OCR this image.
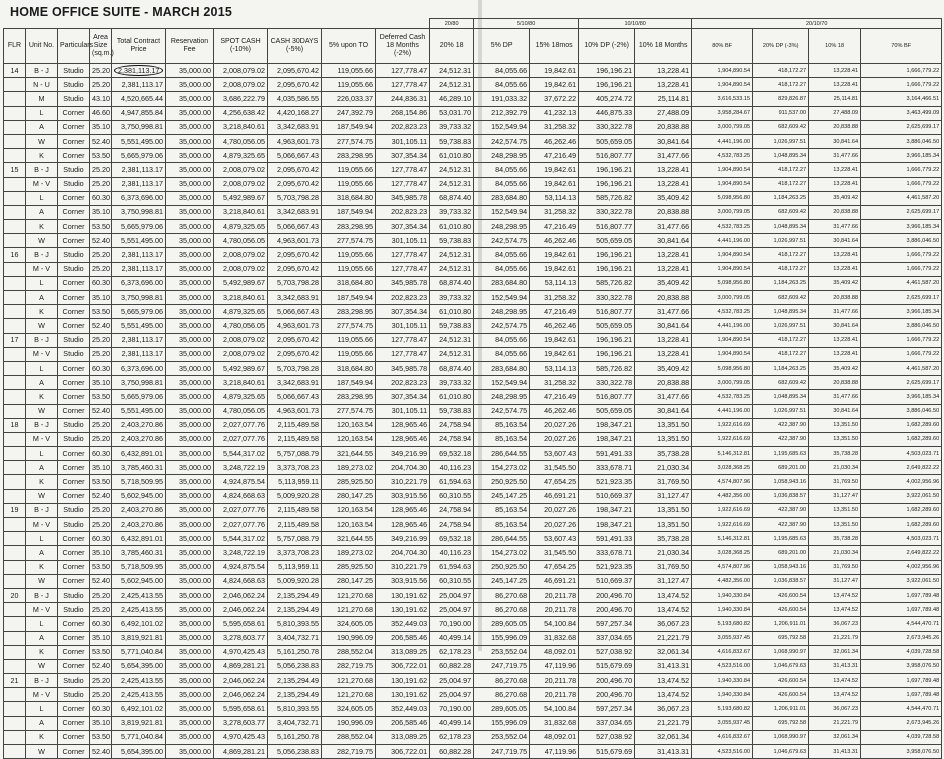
HOME OFFICE SUITE - MARCH 2015
										20/80	5/10/80		10/10/80		20/10/70			
FLR	Unit No.	Particulars	Area Size (sq.m.)	Total Contract Price	Reservation Fee	SPOT CASH (-10%)	CASH 30DAYS (-5%)	5% upon TO	Deferred Cash 18 Months (-2%)	20% 18	5% DP	15% 18mos	10% DP (-2%)	10% 18 Months	80% BF	20% DP (-3%)	10% 18	70% BF
14	B - J	Studio	25.20	2,381,113.17	35,000.00	2,008,079.02	2,095,670.42	119,055.66	127,778.47	24,512.31	84,055.66	19,842.61	196,196.21	13,228.41	1,904,890.54	418,172.27	13,228.41	1,666,779.22
	N - U	Studio	25.20	2,381,113.17	35,000.00	2,008,079.02	2,095,670.42	119,055.66	127,778.47	24,512.31	84,055.66	19,842.61	196,196.21	13,228.41	1,904,890.54	418,172.27	13,228.41	1,666,779.22
	M	Studio	43.10	4,520,665.44	35,000.00	3,686,222.79	4,035,586.55	226,033.37	244,836.31	46,289.10	191,033.32	37,672.22	405,274.72	25,114.81	3,616,533.15	829,826.87	25,114.81	3,164,466.51
	L	Corner	46.60	4,947,855.84	35,000.00	4,256,638.42	4,420,168.27	247,392.79	268,154.86	53,031.70	212,392.79	41,232.13	446,875.33	27,488.09	3,958,284.67	911,537.00	27,488.09	3,463,499.09
	A	Corner	35.10	3,750,998.81	35,000.00	3,218,840.61	3,342,683.91	187,549.94	202,823.23	39,733.32	152,549.94	31,258.32	330,322.78	20,838.88	3,000,799.05	682,609.42	20,838.88	2,625,699.17
	W	Corner	52.40	5,551,495.00	35,000.00	4,780,056.05	4,963,601.73	277,574.75	301,105.11	59,738.83	242,574.75	46,262.46	505,659.05	30,841.64	4,441,196.00	1,026,997.51	30,841.64	3,886,046.50
	K	Corner	53.50	5,665,979.06	35,000.00	4,879,325.65	5,066,667.43	283,298.95	307,354.34	61,010.80	248,298.95	47,216.49	516,807.77	31,477.66	4,532,783.25	1,048,895.34	31,477.66	3,966,185.34
15	B - J	Studio	25.20	2,381,113.17	35,000.00	2,008,079.02	2,095,670.42	119,055.66	127,778.47	24,512.31	84,055.66	19,842.61	196,196.21	13,228.41	1,904,890.54	418,172.27	13,228.41	1,666,779.22
	M - V	Studio	25.20	2,381,113.17	35,000.00	2,008,079.02	2,095,670.42	119,055.66	127,778.47	24,512.31	84,055.66	19,842.61	196,196.21	13,228.41	1,904,890.54	418,172.27	13,228.41	1,666,779.22
	L	Corner	60.30	6,373,696.00	35,000.00	5,492,989.67	5,703,798.28	318,684.80	345,985.78	68,874.40	283,684.80	53,114.13	585,726.82	35,409.42	5,098,956.80	1,184,263.25	35,409.42	4,461,587.20
	A	Corner	35.10	3,750,998.81	35,000.00	3,218,840.61	3,342,683.91	187,549.94	202,823.23	39,733.32	152,549.94	31,258.32	330,322.78	20,838.88	3,000,799.05	682,609.42	20,838.88	2,625,699.17
	K	Corner	53.50	5,665,979.06	35,000.00	4,879,325.65	5,066,667.43	283,298.95	307,354.34	61,010.80	248,298.95	47,216.49	516,807.77	31,477.66	4,532,783.25	1,048,895.34	31,477.66	3,966,185.34
	W	Corner	52.40	5,551,495.00	35,000.00	4,780,056.05	4,963,601.73	277,574.75	301,105.11	59,738.83	242,574.75	46,262.46	505,659.05	30,841.64	4,441,196.00	1,026,997.51	30,841.64	3,886,046.50
16	B - J	Studio	25.20	2,381,113.17	35,000.00	2,008,079.02	2,095,670.42	119,055.66	127,778.47	24,512.31	84,055.66	19,842.61	196,196.21	13,228.41	1,904,890.54	418,172.27	13,228.41	1,666,779.22
	M - V	Studio	25.20	2,381,113.17	35,000.00	2,008,079.02	2,095,670.42	119,055.66	127,778.47	24,512.31	84,055.66	19,842.61	196,196.21	13,228.41	1,904,890.54	418,172.27	13,228.41	1,666,779.22
	L	Corner	60.30	6,373,696.00	35,000.00	5,492,989.67	5,703,798.28	318,684.80	345,985.78	68,874.40	283,684.80	53,114.13	585,726.82	35,409.42	5,098,956.80	1,184,263.25	35,409.42	4,461,587.20
	A	Corner	35.10	3,750,998.81	35,000.00	3,218,840.61	3,342,683.91	187,549.94	202,823.23	39,733.32	152,549.94	31,258.32	330,322.78	20,838.88	3,000,799.05	682,609.42	20,838.88	2,625,699.17
	K	Corner	53.50	5,665,979.06	35,000.00	4,879,325.65	5,066,667.43	283,298.95	307,354.34	61,010.80	248,298.95	47,216.49	516,807.77	31,477.66	4,532,783.25	1,048,895.34	31,477.66	3,966,185.34
	W	Corner	52.40	5,551,495.00	35,000.00	4,780,056.05	4,963,601.73	277,574.75	301,105.11	59,738.83	242,574.75	46,262.46	505,659.05	30,841.64	4,441,196.00	1,026,997.51	30,841.64	3,886,046.50
17	B - J	Studio	25.20	2,381,113.17	35,000.00	2,008,079.02	2,095,670.42	119,055.66	127,778.47	24,512.31	84,055.66	19,842.61	196,196.21	13,228.41	1,904,890.54	418,172.27	13,228.41	1,666,779.22
	M - V	Studio	25.20	2,381,113.17	35,000.00	2,008,079.02	2,095,670.42	119,055.66	127,778.47	24,512.31	84,055.66	19,842.61	196,196.21	13,228.41	1,904,890.54	418,172.27	13,228.41	1,666,779.22
	L	Corner	60.30	6,373,696.00	35,000.00	5,492,989.67	5,703,798.28	318,684.80	345,985.78	68,874.40	283,684.80	53,114.13	585,726.82	35,409.42	5,098,956.80	1,184,263.25	35,409.42	4,461,587.20
	A	Corner	35.10	3,750,998.81	35,000.00	3,218,840.61	3,342,683.91	187,549.94	202,823.23	39,733.32	152,549.94	31,258.32	330,322.78	20,838.88	3,000,799.05	682,609.42	20,838.88	2,625,699.17
	K	Corner	53.50	5,665,979.06	35,000.00	4,879,325.65	5,066,667.43	283,298.95	307,354.34	61,010.80	248,298.95	47,216.49	516,807.77	31,477.66	4,532,783.25	1,048,895.34	31,477.66	3,966,185.34
	W	Corner	52.40	5,551,495.00	35,000.00	4,780,056.05	4,963,601.73	277,574.75	301,105.11	59,738.83	242,574.75	46,262.46	505,659.05	30,841.64	4,441,196.00	1,026,997.51	30,841.64	3,886,046.50
18	B - J	Studio	25.20	2,403,270.86	35,000.00	2,027,077.76	2,115,489.58	120,163.54	128,965.46	24,758.94	85,163.54	20,027.26	198,347.21	13,351.50	1,922,616.69	422,387.90	13,351.50	1,682,289.60
	M - V	Studio	25.20	2,403,270.86	35,000.00	2,027,077.76	2,115,489.58	120,163.54	128,965.46	24,758.94	85,163.54	20,027.26	198,347.21	13,351.50	1,922,616.69	422,387.90	13,351.50	1,682,289.60
	L	Corner	60.30	6,432,891.01	35,000.00	5,544,317.02	5,757,088.79	321,644.55	349,216.99	69,532.18	286,644.55	53,607.43	591,491.33	35,738.28	5,146,312.81	1,195,685.63	35,738.28	4,503,023.71
	A	Corner	35.10	3,785,460.31	35,000.00	3,248,722.19	3,373,708.23	189,273.02	204,704.30	40,116.23	154,273.02	31,545.50	333,678.71	21,030.34	3,028,368.25	689,201.00	21,030.34	2,649,822.22
	K	Corner	53.50	5,718,509.95	35,000.00	4,924,875.54	5,113,959.11	285,925.50	310,221.79	61,594.63	250,925.50	47,654.25	521,923.35	31,769.50	4,574,807.96	1,058,943.16	31,769.50	4,002,956.96
	W	Corner	52.40	5,602,945.00	35,000.00	4,824,668.63	5,009,920.28	280,147.25	303,915.56	60,310.55	245,147.25	46,691.21	510,669.37	31,127.47	4,482,356.00	1,036,838.57	31,127.47	3,922,061.50
19	B - J	Studio	25.20	2,403,270.86	35,000.00	2,027,077.76	2,115,489.58	120,163.54	128,965.46	24,758.94	85,163.54	20,027.26	198,347.21	13,351.50	1,922,616.69	422,387.90	13,351.50	1,682,289.60
	M - V	Studio	25.20	2,403,270.86	35,000.00	2,027,077.76	2,115,489.58	120,163.54	128,965.46	24,758.94	85,163.54	20,027.26	198,347.21	13,351.50	1,922,616.69	422,387.90	13,351.50	1,682,289.60
	L	Corner	60.30	6,432,891.01	35,000.00	5,544,317.02	5,757,088.79	321,644.55	349,216.99	69,532.18	286,644.55	53,607.43	591,491.33	35,738.28	5,146,312.81	1,195,685.63	35,738.28	4,503,023.71
	A	Corner	35.10	3,785,460.31	35,000.00	3,248,722.19	3,373,708.23	189,273.02	204,704.30	40,116.23	154,273.02	31,545.50	333,678.71	21,030.34	3,028,368.25	689,201.00	21,030.34	2,649,822.22
	K	Corner	53.50	5,718,509.95	35,000.00	4,924,875.54	5,113,959.11	285,925.50	310,221.79	61,594.63	250,925.50	47,654.25	521,923.35	31,769.50	4,574,807.96	1,058,943.16	31,769.50	4,002,956.96
	W	Corner	52.40	5,602,945.00	35,000.00	4,824,668.63	5,009,920.28	280,147.25	303,915.56	60,310.55	245,147.25	46,691.21	510,669.37	31,127.47	4,482,356.00	1,036,838.57	31,127.47	3,922,061.50
20	B - J	Studio	25.20	2,425,413.55	35,000.00	2,046,062.24	2,135,294.49	121,270.68	130,191.62	25,004.97	86,270.68	20,211.78	200,496.70	13,474.52	1,940,330.84	426,600.54	13,474.52	1,697,789.48
	M - V	Studio	25.20	2,425,413.55	35,000.00	2,046,062.24	2,135,294.49	121,270.68	130,191.62	25,004.97	86,270.68	20,211.78	200,496.70	13,474.52	1,940,330.84	426,600.54	13,474.52	1,697,789.48
	L	Corner	60.30	6,492,101.02	35,000.00	5,595,658.61	5,810,393.55	324,605.05	352,449.03	70,190.00	289,605.05	54,100.84	597,257.34	36,067.23	5,193,680.82	1,206,911.01	36,067.23	4,544,470.71
	A	Corner	35.10	3,819,921.81	35,000.00	3,278,603.77	3,404,732.71	190,996.09	206,585.46	40,499.14	155,996.09	31,832.68	337,034.65	21,221.79	3,055,937.45	695,792.58	21,221.79	2,673,945.26
	K	Corner	53.50	5,771,040.84	35,000.00	4,970,425.43	5,161,250.78	288,552.04	313,089.25	62,178.23	253,552.04	48,092.01	527,038.92	32,061.34	4,616,832.67	1,068,990.97	32,061.34	4,039,728.58
	W	Corner	52.40	5,654,395.00	35,000.00	4,869,281.21	5,056,238.83	282,719.75	306,722.01	60,882.28	247,719.75	47,119.96	515,679.69	31,413.31	4,523,516.00	1,046,679.63	31,413.31	3,958,076.50
21	B - J	Studio	25.20	2,425,413.55	35,000.00	2,046,062.24	2,135,294.49	121,270.68	130,191.62	25,004.97	86,270.68	20,211.78	200,496.70	13,474.52	1,940,330.84	426,600.54	13,474.52	1,697,789.48
	M - V	Studio	25.20	2,425,413.55	35,000.00	2,046,062.24	2,135,294.49	121,270.68	130,191.62	25,004.97	86,270.68	20,211.78	200,496.70	13,474.52	1,940,330.84	426,600.54	13,474.52	1,697,789.48
	L	Corner	60.30	6,492,101.02	35,000.00	5,595,658.61	5,810,393.55	324,605.05	352,449.03	70,190.00	289,605.05	54,100.84	597,257.34	36,067.23	5,193,680.82	1,206,911.01	36,067.23	4,544,470.71
	A	Corner	35.10	3,819,921.81	35,000.00	3,278,603.77	3,404,732.71	190,996.09	206,585.46	40,499.14	155,996.09	31,832.68	337,034.65	21,221.79	3,055,937.45	695,792.58	21,221.79	2,673,945.26
	K	Corner	53.50	5,771,040.84	35,000.00	4,970,425.43	5,161,250.78	288,552.04	313,089.25	62,178.23	253,552.04	48,092.01	527,038.92	32,061.34	4,616,832.67	1,068,990.97	32,061.34	4,039,728.58
	W	Corner	52.40	5,654,395.00	35,000.00	4,869,281.21	5,056,238.83	282,719.75	306,722.01	60,882.28	247,719.75	47,119.96	515,679.69	31,413.31	4,523,516.00	1,046,679.63	31,413.31	3,958,076.50
